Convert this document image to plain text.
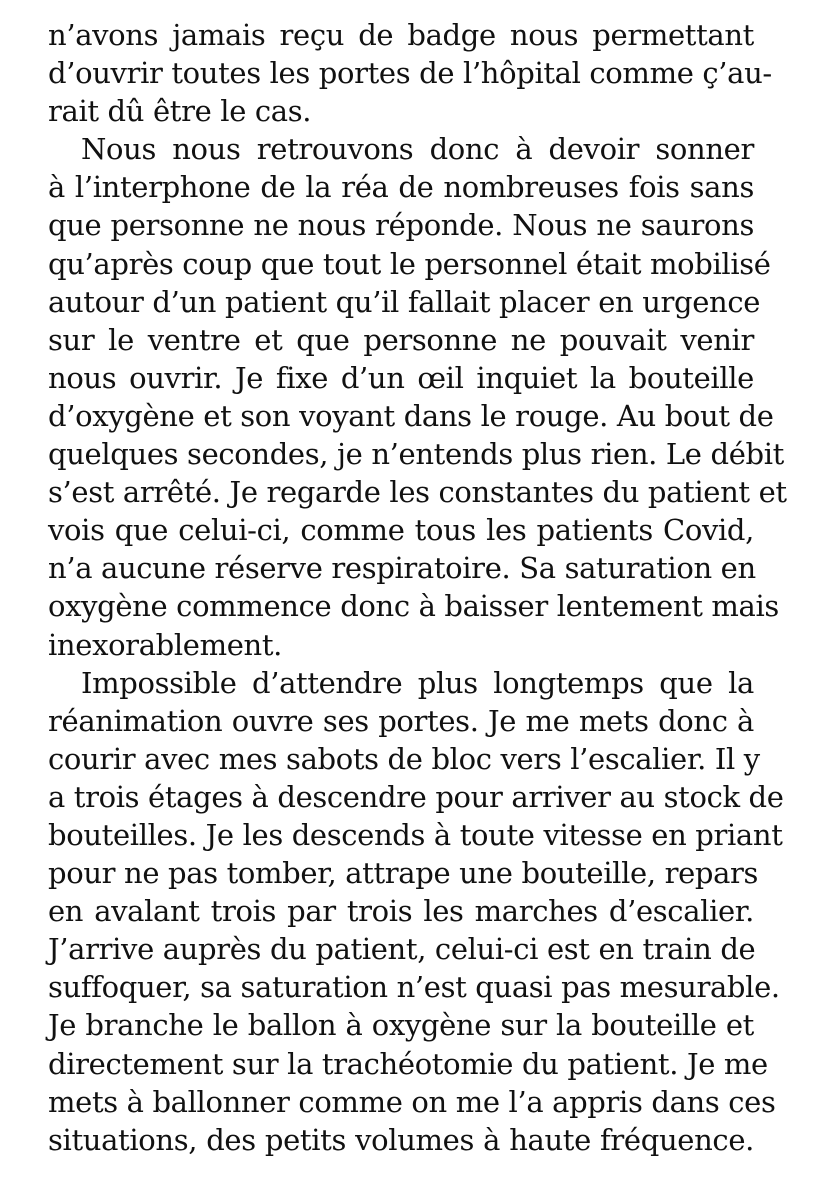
n’avons jamais reçu de badge nous permettant
d’ouvrir toutes les portes de l’hôpital comme ç’au-
rait dû être le cas.
Nous nous retrouvons donc à devoir sonner
à l’interphone de la réa de nombreuses fois sans
que personne ne nous réponde. Nous ne saurons
qu’après coup que tout le personnel était mobilisé
autour d’un patient qu’il fallait placer en urgence
sur le ventre et que personne ne pouvait venir
nous ouvrir. Je fixe d’un œil inquiet la bouteille
d’oxygène et son voyant dans le rouge. Au bout de
quelques secondes, je n’entends plus rien. Le débit
s’est arrêté. Je regarde les constantes du patient et
vois que celui-ci, comme tous les patients Covid,
n’a aucune réserve respiratoire. Sa saturation en
oxygène commence donc à baisser lentement mais
inexorablement.
Impossible d’attendre plus longtemps que la
réanimation ouvre ses portes. Je me mets donc à
courir avec mes sabots de bloc vers l’escalier. Il y
a trois étages à descendre pour arriver au stock de
bouteilles. Je les descends à toute vitesse en priant
pour ne pas tomber, attrape une bouteille, repars
en avalant trois par trois les marches d’escalier.
J’arrive auprès du patient, celui-ci est en train de
suffoquer, sa saturation n’est quasi pas mesurable.
Je branche le ballon à oxygène sur la bouteille et
directement sur la trachéotomie du patient. Je me
mets à ballonner comme on me l’a appris dans ces
situations, des petits volumes à haute fréquence.
